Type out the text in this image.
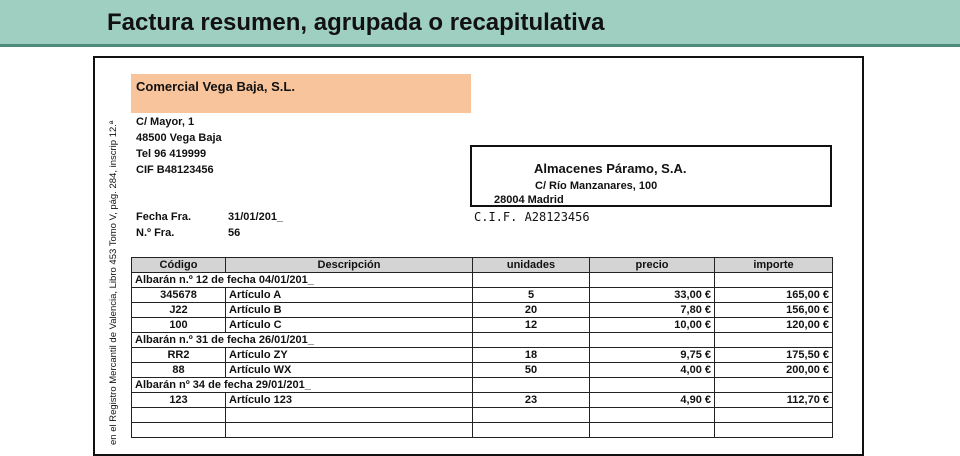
Factura resumen, agrupada o recapitulativa
en el Registro Mercantil de Valencia, Libro 453 Tomo V, pág. 284, inscrip 12.ª
Comercial Vega Baja, S.L.
C/ Mayor, 1
48500 Vega Baja
Tel 96 419999
CIF B48123456	Almacenes Páramo, S.A.
C/ Río Manzanares, 100
28004 Madrid
C.I.F. A28123456
Fecha Fra.	31/01/201_
N.º Fra.	56
Código	Descripción	unidades	precio	importe
Albarán n.º 12 de fecha 04/01/201_				
345678	Artículo A	5	33,00 €	165,00 €
J22	Artículo B	20	7,80 €	156,00 €
100	Artículo C	12	10,00 €	120,00 €
Albarán n.º 31 de fecha 26/01/201_				
RR2	Artículo ZY	18	9,75 €	175,50 €
88	Artículo WX	50	4,00 €	200,00 €
Albarán nº 34 de fecha 29/01/201_				
123	Artículo 123	23	4,90 €	112,70 €
